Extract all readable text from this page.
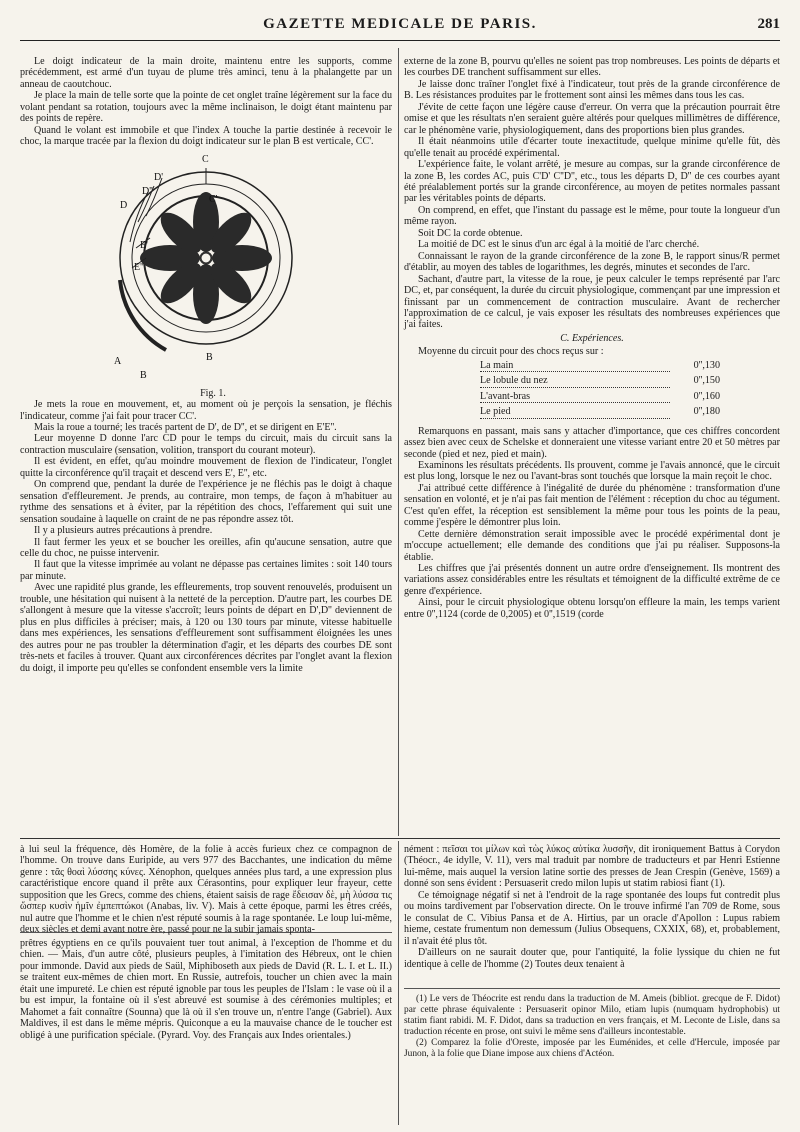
GAZETTE MEDICALE DE PARIS.	281

Le doigt indicateur de la main droite, maintenu entre les supports, comme précédemment, est armé d'un tuyau de plume très aminci, tenu à la phalangette par un anneau de caoutchouc.

Je place la main de telle sorte que la pointe de cet onglet traîne légèrement sur la face du volant pendant sa rotation, toujours avec la même inclinaison, le doigt étant maintenu par des points de repère.

Quand le volant est immobile et que l'index A touche la partie destinée à recevoir le choc, la marque tracée par la flexion du doigt indicateur sur le plan B est verticale, CC'.

C
C'
D'
D''
D
E'
E''
A
B
B

Fig. 1.

Je mets la roue en mouvement, et, au moment où je perçois la sensation, je fléchis l'indicateur, comme j'ai fait pour tracer CC'.

Mais la roue a tourné; les tracés partent de D', de D'', et se dirigent en E'E''.

Leur moyenne D donne l'arc CD pour le temps du circuit, mais du circuit sans la contraction musculaire (sensation, volition, transport du courant moteur).

Il est évident, en effet, qu'au moindre mouvement de flexion de l'indicateur, l'onglet quitte la circonférence qu'il traçait et descend vers E', E'', etc.

On comprend que, pendant la durée de l'expérience je ne fléchis pas le doigt à chaque sensation d'effleurement. Je prends, au contraire, mon temps, de façon à m'habituer au rythme des sensations et à éviter, par la répétition des chocs, l'effarement qui suit une sensation soudaine à laquelle on craint de ne pas répondre assez tôt.

Il y a plusieurs autres précautions à prendre.

Il faut fermer les yeux et se boucher les oreilles, afin qu'aucune sensation, autre que celle du choc, ne puisse intervenir.

Il faut que la vitesse imprimée au volant ne dépasse pas certaines limites : soit 140 tours par minute.

Avec une rapidité plus grande, les effleurements, trop souvent renouvelés, produisent un trouble, une hésitation qui nuisent à la netteté de la perception. D'autre part, les courbes DE s'allongent à mesure que la vitesse s'accroît; leurs points de départ en D',D'' deviennent de plus en plus difficiles à préciser; mais, à 120 ou 130 tours par minute, vitesse habituelle dans mes expériences, les sensations d'effleurement sont suffisamment éloignées les unes des autres pour ne pas troubler la détermination d'agir, et les départs des courbes DE sont très-nets et faciles à trouver. Quant aux circonférences décrites par l'onglet avant la flexion du doigt, il importe peu qu'elles se confondent ensemble vers la limite

externe de la zone B, pourvu qu'elles ne soient pas trop nombreuses. Les points de départs et les courbes DE tranchent suffisamment sur elles.

Je laisse donc traîner l'onglet fixé à l'indicateur, tout près de la grande circonférence de B. Les résistances produites par le frottement sont ainsi les mêmes dans tous les cas.

J'évite de cette façon une légère cause d'erreur. On verra que la précaution pourrait être omise et que les résultats n'en seraient guère altérés pour quelques millimètres de différence, car le phénomène varie, physiologiquement, dans des proportions bien plus grandes.

Il était néanmoins utile d'écarter toute inexactitude, quelque minime qu'elle fût, dès qu'elle tenait au procédé expérimental.

L'expérience faite, le volant arrêté, je mesure au compas, sur la grande circonférence de la zone B, les cordes AC, puis C'D' C''D'', etc., tous les départs D, D'' de ces courbes ayant été préalablement portés sur la grande circonférence, au moyen de petites normales passant par les véritables points de départs.

On comprend, en effet, que l'instant du passage est le même, pour toute la longueur d'un même rayon.

Soit DC la corde obtenue.

La moitié de DC est le sinus d'un arc égal à la moitié de l'arc cherché.

Connaissant le rayon de la grande circonférence de la zone B, le rapport sinus/R permet d'établir, au moyen des tables de logarithmes, les degrés, minutes et secondes de l'arc.

Sachant, d'autre part, la vitesse de la roue, je peux calculer le temps représenté par l'arc DC, et, par conséquent, la durée du circuit physiologique, commençant par une impression et finissant par un commencement de contraction musculaire. Avant de rechercher l'approximation de ce calcul, je vais exposer les résultats des nombreuses expériences que j'ai faites.

C. Expériences.

Moyenne du circuit pour des chocs reçus sur :

La main	0'',130
Le lobule du nez	0'',150
L'avant-bras	0'',160
Le pied	0'',180

Remarquons en passant, mais sans y attacher d'importance, que ces chiffres concordent assez bien avec ceux de Schelske et donneraient une vitesse variant entre 20 et 50 mètres par seconde (pied et nez, pied et main).

Examinons les résultats précédents. Ils prouvent, comme je l'avais annoncé, que le circuit est plus long, lorsque le nez ou l'avant-bras sont touchés que lorsque la main reçoit le choc.

J'ai attribué cette différence à l'inégalité de durée du phénomène : transformation d'une sensation en volonté, et je n'ai pas fait mention de l'élément : réception du choc au tégument. C'est qu'en effet, la réception est sensiblement la même pour tous les points de la peau, comme j'espère le démontrer plus loin.

Cette dernière démonstration serait impossible avec le procédé expérimental dont je m'occupe actuellement; elle demande des conditions que j'ai pu réaliser. Supposons-la établie.

Les chiffres que j'ai présentés donnent un autre ordre d'enseignement. Ils montrent des variations assez considérables entre les résultats et témoignent de la difficulté extrême de ce genre d'expérience.

Ainsi, pour le circuit physiologique obtenu lorsqu'on effleure la main, les temps varient entre 0'',1124 (corde de 0,2005) et 0'',1519 (corde

à lui seul la fréquence, dès Homère, de la folie à accès furieux chez ce compagnon de l'homme. On trouve dans Euripide, au vers 977 des Bacchantes, une indication du même genre : τᾶς θοαὶ λύσσης κύνες. Xénophon, quelques années plus tard, a une expression plus caractéristique encore quand il prête aux Cérasontins, pour expliquer leur frayeur, cette supposition que les Grecs, comme des chiens, étaient saisis de rage ἔδεισαν δὲ, μὴ λύσσα τις ὥσπερ κυσὶν ἡμῖν ἐμπεπτώκοι (Anabas, liv. V). Mais à cette époque, parmi les êtres créés, nul autre que l'homme et le chien n'est réputé soumis à la rage spontanée. Le loup lui-même, deux siècles et demi avant notre ère, passé pour ne la subir jamais sponta-

prêtres égyptiens en ce qu'ils pouvaient tuer tout animal, à l'exception de l'homme et du chien. — Mais, d'un autre côté, plusieurs peuples, à l'imitation des Hébreux, ont le chien pour immonde. David aux pieds de Saül, Miphiboseth aux pieds de David (R. L. I. et L. II.) se traitent eux-mêmes de chien mort. En Russie, autrefois, toucher un chien avec la main était une impureté. Le chien est réputé ignoble par tous les peuples de l'Islam : le vase où il a bu est impur, la fontaine où il s'est abreuvé est soumise à des cérémonies multiples; et Mahomet a fait connaître (Sounna) que là où il s'en trouve un, n'entre l'ange (Gabriel). Aux Maldives, il est dans le même mépris. Quiconque a eu la mauvaise chance de le toucher est obligé à une purification spéciale. (Pyrard. Voy. des Français aux Indes orientales.)

nément : πεῖσαι τοι μίλων καὶ τὼς λύκος αὐτίκα λυσσῆν, dit ironiquement Battus à Corydon (Théocr., 4e idylle, V. 11), vers mal traduit par nombre de traducteurs et par Henri Estienne lui-même, mais auquel la version latine sortie des presses de Jean Crespin (Genève, 1569) a donné son sens évident : Persuaserit credo milon lupis ut statim rabiosi fiant (1).

Ce témoignage négatif si net à l'endroit de la rage spontanée des loups fut contredit plus ou moins tardivement par l'observation directe. On le trouve infirmé l'an 709 de Rome, sous le consulat de C. Vibius Pansa et de A. Hirtius, par un oracle d'Apollon : Lupus rabiem hieme, cestate frumentum non demessum (Julius Obsequens, CXXIX, 68), et, probablement, il n'avait été plus tôt.

D'ailleurs on ne saurait douter que, pour l'antiquité, la folie lyssique du chien ne fut identique à celle de l'homme (2) Toutes deux tenaient à

(1) Le vers de Théocrite est rendu dans la traduction de M. Ameis (bibliot. grecque de F. Didot) par cette phrase équivalente : Persuaserit opinor Milo, etiam lupis (numquam hydrophobis) ut statim fiant rabidi. M. F. Didot, dans sa traduction en vers français, et M. Leconte de Lisle, dans sa traduction récente en prose, ont suivi le même sens d'ailleurs incontestable.

(2) Comparez la folie d'Oreste, imposée par les Euménides, et celle d'Hercule, imposée par Junon, à la folie que Diane impose aux chiens d'Actéon.
